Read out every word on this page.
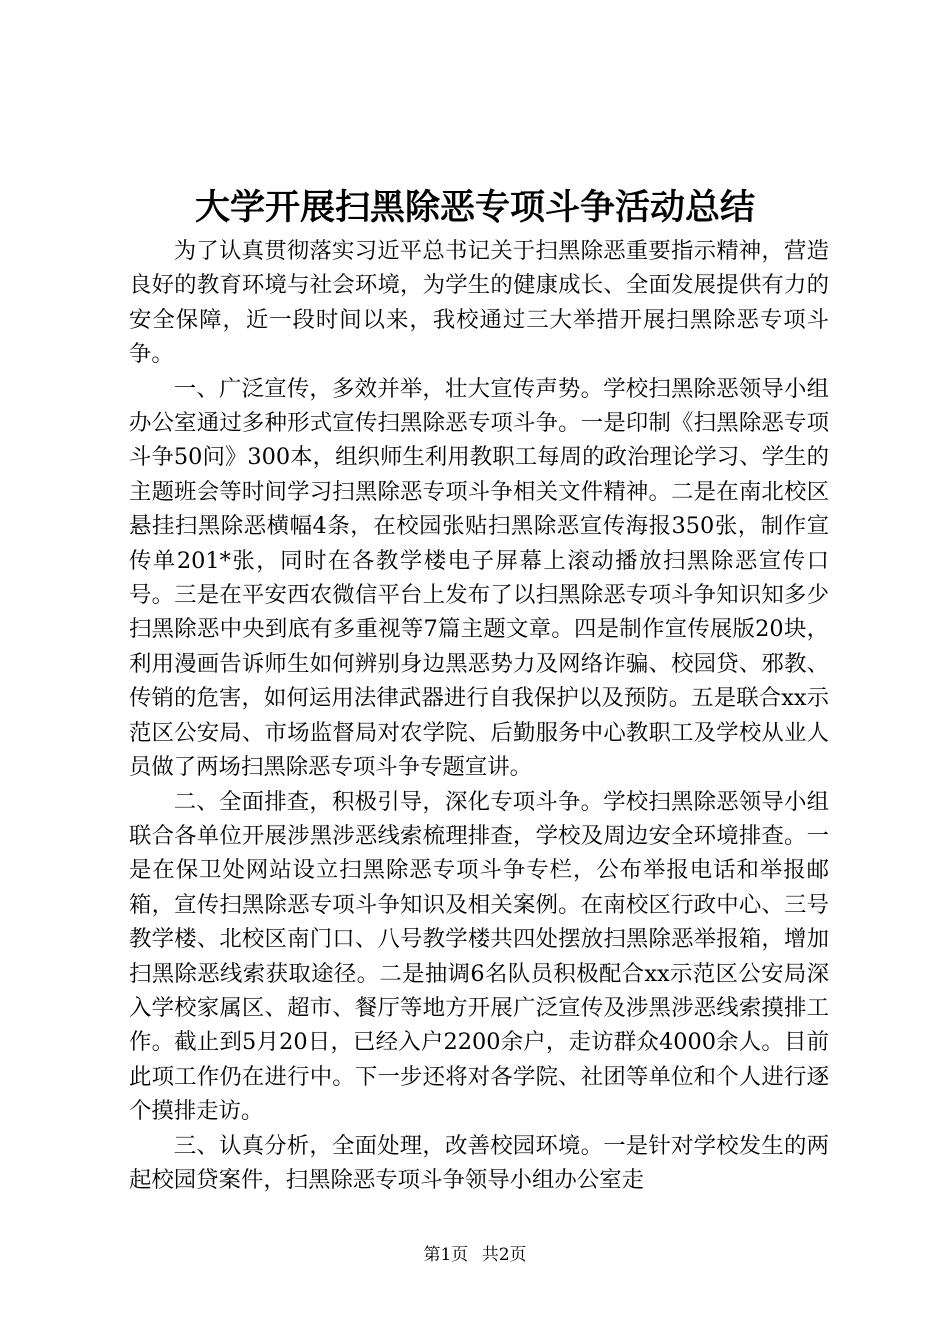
大学开展扫黑除恶专项斗争活动总结

为了认真贯彻落实习近平总书记关于扫黑除恶重要指示精神，营造良好的教育环境与社会环境，为学生的健康成长、全面发展提供有力的安全保障，近一段时间以来，我校通过三大举措开展扫黑除恶专项斗争。

一、广泛宣传，多效并举，壮大宣传声势。学校扫黑除恶领导小组办公室通过多种形式宣传扫黑除恶专项斗争。一是印制《扫黑除恶专项斗争50问》300本，组织师生利用教职工每周的政治理论学习、学生的主题班会等时间学习扫黑除恶专项斗争相关文件精神。二是在南北校区悬挂扫黑除恶横幅4条，在校园张贴扫黑除恶宣传海报350张，制作宣传单201*张，同时在各教学楼电子屏幕上滚动播放扫黑除恶宣传口号。三是在平安西农微信平台上发布了以扫黑除恶专项斗争知识知多少扫黑除恶中央到底有多重视等7篇主题文章。四是制作宣传展版20块，利用漫画告诉师生如何辨别身边黑恶势力及网络诈骗、校园贷、邪教、传销的危害，如何运用法律武器进行自我保护以及预防。五是联合xx示范区公安局、市场监督局对农学院、后勤服务中心教职工及学校从业人员做了两场扫黑除恶专项斗争专题宣讲。

二、全面排查，积极引导，深化专项斗争。学校扫黑除恶领导小组联合各单位开展涉黑涉恶线索梳理排查，学校及周边安全环境排查。一是在保卫处网站设立扫黑除恶专项斗争专栏，公布举报电话和举报邮箱，宣传扫黑除恶专项斗争知识及相关案例。在南校区行政中心、三号教学楼、北校区南门口、八号教学楼共四处摆放扫黑除恶举报箱，增加扫黑除恶线索获取途径。二是抽调6名队员积极配合xx示范区公安局深入学校家属区、超市、餐厅等地方开展广泛宣传及涉黑涉恶线索摸排工作。截止到5月20日，已经入户2200余户，走访群众4000余人。目前此项工作仍在进行中。下一步还将对各学院、社团等单位和个人进行逐个摸排走访。

三、认真分析，全面处理，改善校园环境。一是针对学校发生的两起校园贷案件，扫黑除恶专项斗争领导小组办公室走

第1页 共2页
